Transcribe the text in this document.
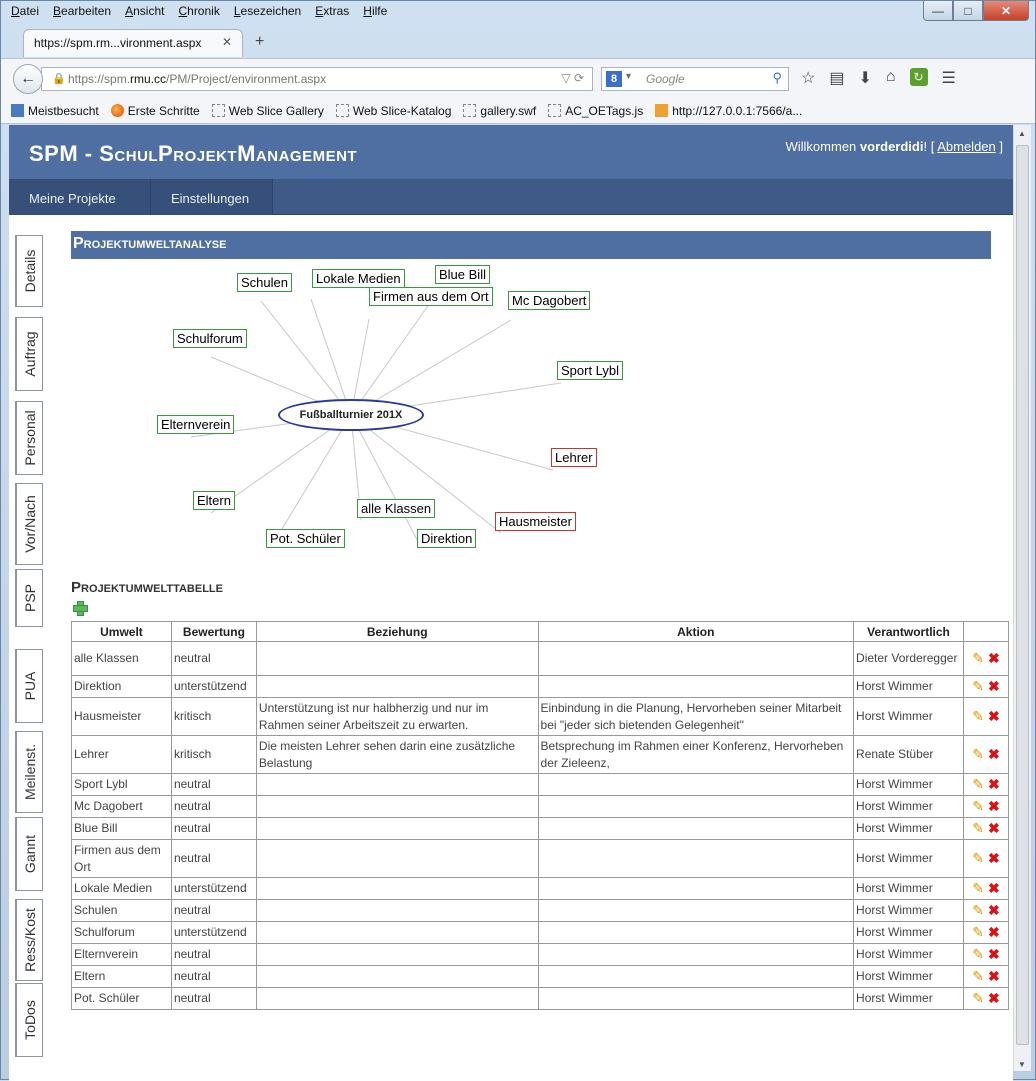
Datei Bearbeiten Ansicht Chronik Lesezeichen Extras Hilfe	—	□	✕
https://spm.rm...vironment.aspx ✕ +
🔒 https://spm.rmu.cc/PM/Project/environment.aspx	▽ ⟳
←	8 ▾ Google	⚲ ☆ ▤ ⬇ ⌂	↻ ☰
Meistbesucht Erste Schritte Web Slice Gallery Web Slice-Katalog gallery.swf AC_OETags.js http://127.0.0.1:7566/a...
SPM - SchulProjektManagement	Willkommen vorderdidi! [ Abmelden ]
Meine Projekte	Einstellungen
Details
Auftrag
Personal
Vor/Nach
PSP
PUA
Meilenst.
Gannt
Ress/Kost
ToDos
Projektumweltanalyse
Schulen	Lokale Medien	Blue Bill
Firmen aus dem Ort	Mc Dagobert
Schulforum
Sport Lybl
Elternverein
Lehrer
Eltern
alle Klassen
Hausmeister
Pot. Schüler	Direktion
Fußballturnier 201X
Projektumwelttabelle
Umwelt	Bewertung	Beziehung	Aktion	Verantwortlich	
alle Klassen	neutral			Dieter Vorderegger	✎ ✖
Direktion	unterstützend			Horst Wimmer	✎ ✖
Hausmeister	kritisch	Unterstützung ist nur halbherzig und nur im Rahmen seiner Arbeitszeit zu erwarten.	Einbindung in die Planung, Hervorheben seiner Mitarbeit bei "jeder sich bietenden Gelegenheit"	Horst Wimmer	✎ ✖
Lehrer	kritisch	Die meisten Lehrer sehen darin eine zusätzliche Belastung	Betsprechung im Rahmen einer Konferenz, Hervorheben der Zieleenz,	Renate Stüber	✎ ✖
Sport Lybl	neutral			Horst Wimmer	✎ ✖
Mc Dagobert	neutral			Horst Wimmer	✎ ✖
Blue Bill	neutral			Horst Wimmer	✎ ✖
Firmen aus dem Ort	neutral			Horst Wimmer	✎ ✖
Lokale Medien	unterstützend			Horst Wimmer	✎ ✖
Schulen	neutral			Horst Wimmer	✎ ✖
Schulforum	unterstützend			Horst Wimmer	✎ ✖
Elternverein	neutral			Horst Wimmer	✎ ✖
Eltern	neutral			Horst Wimmer	✎ ✖
Pot. Schüler	neutral			Horst Wimmer	✎ ✖
▲
▼
